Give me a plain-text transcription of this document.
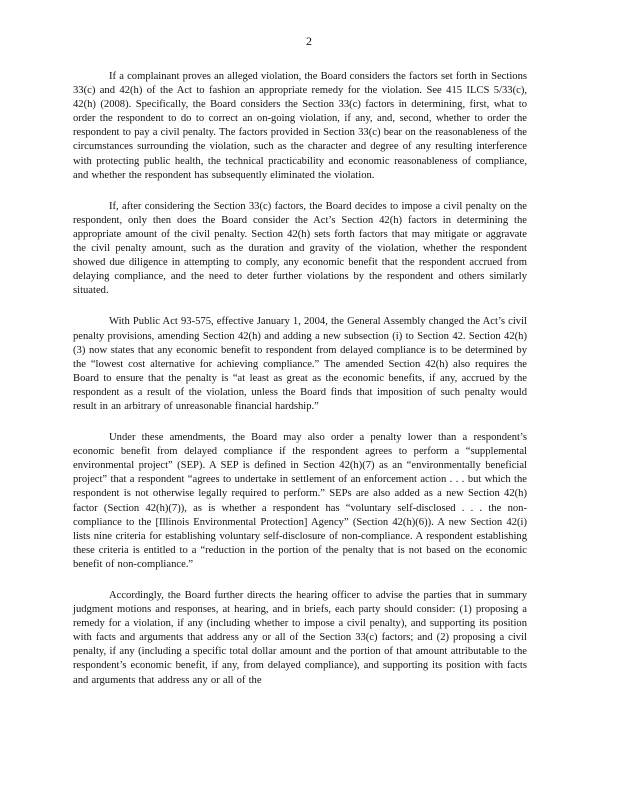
2

If a complainant proves an alleged violation, the Board considers the factors set forth in Sections 33(c) and 42(h) of the Act to fashion an appropriate remedy for the violation. See 415 ILCS 5/33(c), 42(h) (2008). Specifically, the Board considers the Section 33(c) factors in determining, first, what to order the respondent to do to correct an on-going violation, if any, and, second, whether to order the respondent to pay a civil penalty. The factors provided in Section 33(c) bear on the reasonableness of the circumstances surrounding the violation, such as the character and degree of any resulting interference with protecting public health, the technical practicability and economic reasonableness of compliance, and whether the respondent has subsequently eliminated the violation.

If, after considering the Section 33(c) factors, the Board decides to impose a civil penalty on the respondent, only then does the Board consider the Act’s Section 42(h) factors in determining the appropriate amount of the civil penalty. Section 42(h) sets forth factors that may mitigate or aggravate the civil penalty amount, such as the duration and gravity of the violation, whether the respondent showed due diligence in attempting to comply, any economic benefit that the respondent accrued from delaying compliance, and the need to deter further violations by the respondent and others similarly situated.

With Public Act 93-575, effective January 1, 2004, the General Assembly changed the Act’s civil penalty provisions, amending Section 42(h) and adding a new subsection (i) to Section 42. Section 42(h)(3) now states that any economic benefit to respondent from delayed compliance is to be determined by the “lowest cost alternative for achieving compliance.” The amended Section 42(h) also requires the Board to ensure that the penalty is “at least as great as the economic benefits, if any, accrued by the respondent as a result of the violation, unless the Board finds that imposition of such penalty would result in an arbitrary of unreasonable financial hardship.”

Under these amendments, the Board may also order a penalty lower than a respondent’s economic benefit from delayed compliance if the respondent agrees to perform a “supplemental environmental project” (SEP). A SEP is defined in Section 42(h)(7) as an “environmentally beneficial project” that a respondent “agrees to undertake in settlement of an enforcement action . . . but which the respondent is not otherwise legally required to perform.” SEPs are also added as a new Section 42(h) factor (Section 42(h)(7)), as is whether a respondent has “voluntary self-disclosed . . . the non-compliance to the [Illinois Environmental Protection] Agency” (Section 42(h)(6)). A new Section 42(i) lists nine criteria for establishing voluntary self-disclosure of non-compliance. A respondent establishing these criteria is entitled to a “reduction in the portion of the penalty that is not based on the economic benefit of non-compliance.”

Accordingly, the Board further directs the hearing officer to advise the parties that in summary judgment motions and responses, at hearing, and in briefs, each party should consider: (1) proposing a remedy for a violation, if any (including whether to impose a civil penalty), and supporting its position with facts and arguments that address any or all of the Section 33(c) factors; and (2) proposing a civil penalty, if any (including a specific total dollar amount and the portion of that amount attributable to the respondent’s economic benefit, if any, from delayed compliance), and supporting its position with facts and arguments that address any or all of the
